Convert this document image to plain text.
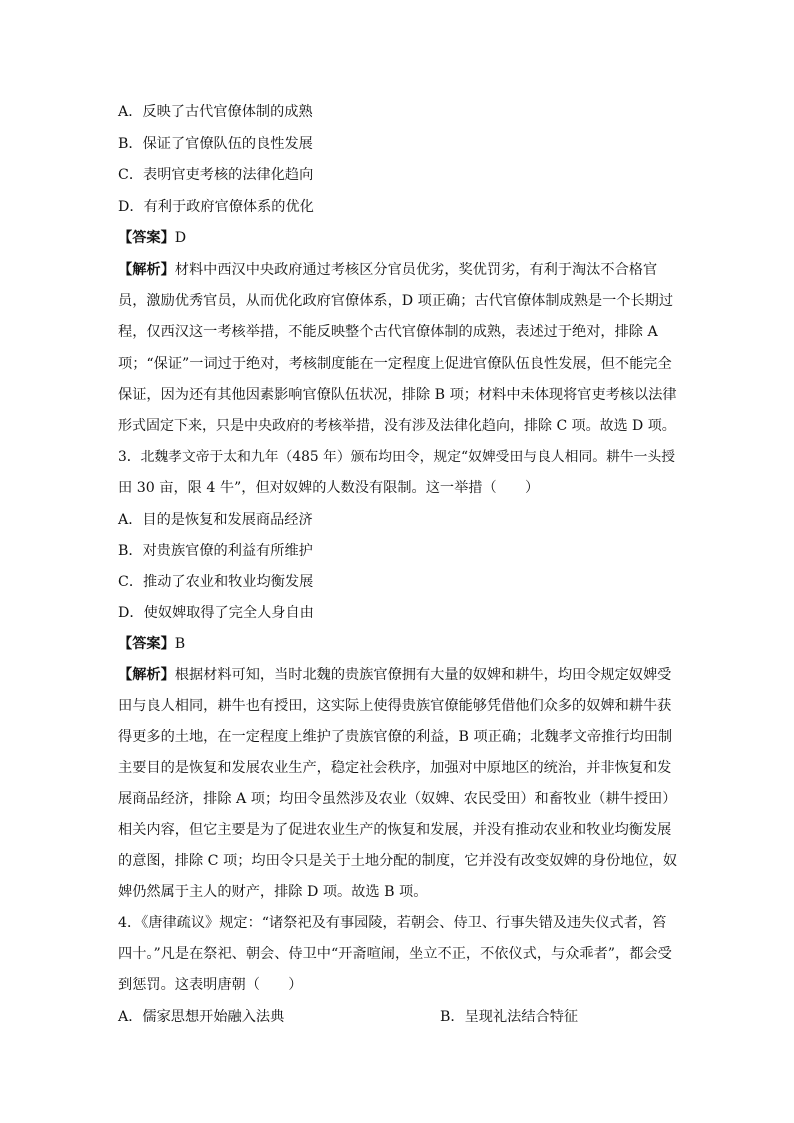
A．反映了古代官僚体制的成熟
B．保证了官僚队伍的良性发展
C．表明官吏考核的法律化趋向
D．有利于政府官僚体系的优化
【答案】D
【解析】材料中西汉中央政府通过考核区分官员优劣，奖优罚劣，有利于淘汰不合格官
员，激励优秀官员，从而优化政府官僚体系，D 项正确；古代官僚体制成熟是一个长期过
程，仅西汉这一考核举措，不能反映整个古代官僚体制的成熟，表述过于绝对，排除 A
项；“保证”一词过于绝对，考核制度能在一定程度上促进官僚队伍良性发展，但不能完全
保证，因为还有其他因素影响官僚队伍状况，排除 B 项；材料中未体现将官吏考核以法律
形式固定下来，只是中央政府的考核举措，没有涉及法律化趋向，排除 C 项。故选 D 项。
3．北魏孝文帝于太和九年（485 年）颁布均田令，规定“奴婢受田与良人相同。耕牛一头授
田 30 亩，限 4 牛”，但对奴婢的人数没有限制。这一举措（　　）
A．目的是恢复和发展商品经济
B．对贵族官僚的利益有所维护
C．推动了农业和牧业均衡发展
D．使奴婢取得了完全人身自由
【答案】B
【解析】根据材料可知，当时北魏的贵族官僚拥有大量的奴婢和耕牛，均田令规定奴婢受
田与良人相同，耕牛也有授田，这实际上使得贵族官僚能够凭借他们众多的奴婢和耕牛获
得更多的土地，在一定程度上维护了贵族官僚的利益，B 项正确；北魏孝文帝推行均田制
主要目的是恢复和发展农业生产，稳定社会秩序，加强对中原地区的统治，并非恢复和发
展商品经济，排除 A 项；均田令虽然涉及农业（奴婢、农民受田）和畜牧业（耕牛授田）
相关内容，但它主要是为了促进农业生产的恢复和发展，并没有推动农业和牧业均衡发展
的意图，排除 C 项；均田令只是关于土地分配的制度，它并没有改变奴婢的身份地位，奴
婢仍然属于主人的财产，排除 D 项。故选 B 项。
4．《唐律疏议》规定：“诸祭祀及有事园陵，若朝会、侍卫、行事失错及违失仪式者，笞
四十。”凡是在祭祀、朝会、侍卫中“开斋喧闹，坐立不正，不依仪式，与众乖者”，都会受
到惩罚。这表明唐朝（　　）
A．儒家思想开始融入法典	B．呈现礼法结合特征
